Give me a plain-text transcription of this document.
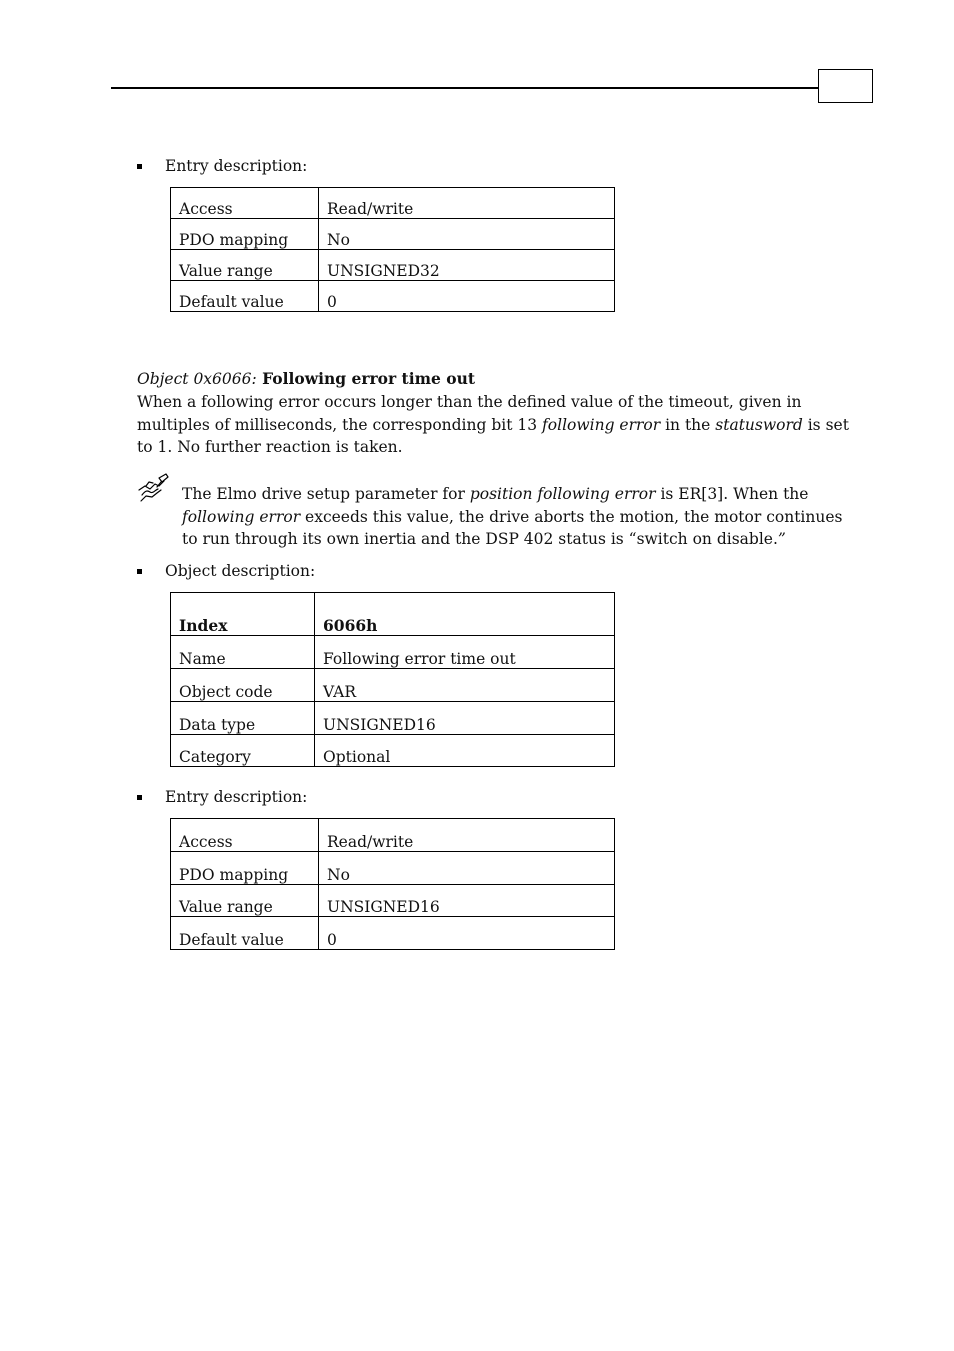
Entry description:
Access	Read/write
PDO mapping	No
Value range	UNSIGNED32
Default value	0
Object 0x6066: Following error time out
When a following error occurs longer than the defined value of the timeout, given in
multiples of milliseconds, the corresponding bit 13 following error in the statusword is set
to 1. No further reaction is taken.
The Elmo drive setup parameter for position following error is ER[3]. When the
following error exceeds this value, the drive aborts the motion, the motor continues
to run through its own inertia and the DSP 402 status is “switch on disable.”
Object description:
Index	6066h
Name	Following error time out
Object code	VAR
Data type	UNSIGNED16
Category	Optional
Entry description:
Access	Read/write
PDO mapping	No
Value range	UNSIGNED16
Default value	0
